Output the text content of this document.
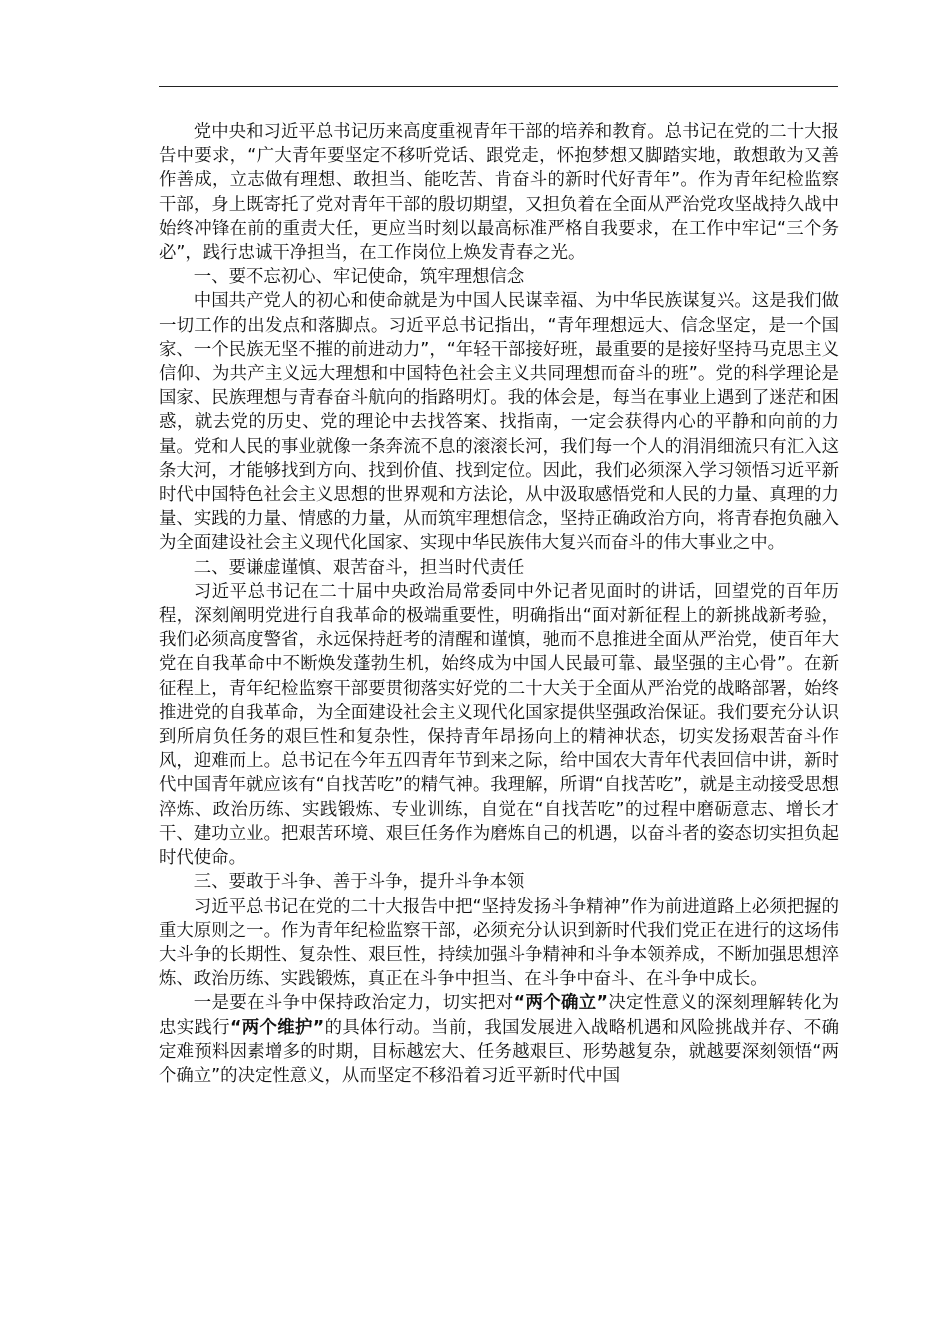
党中央和习近平总书记历来高度重视青年干部的培养和教育。总书记在党的二十大报告中要求，“广大青年要坚定不移听党话、跟党走，怀抱梦想又脚踏实地，敢想敢为又善作善成，立志做有理想、敢担当、能吃苦、肯奋斗的新时代好青年”。作为青年纪检监察干部，身上既寄托了党对青年干部的殷切期望，又担负着在全面从严治党攻坚战持久战中始终冲锋在前的重责大任，更应当时刻以最高标准严格自我要求，在工作中牢记“三个务必”，践行忠诚干净担当，在工作岗位上焕发青春之光。

一、要不忘初心、牢记使命，筑牢理想信念

中国共产党人的初心和使命就是为中国人民谋幸福、为中华民族谋复兴。这是我们做一切工作的出发点和落脚点。习近平总书记指出，“青年理想远大、信念坚定，是一个国家、一个民族无坚不摧的前进动力”，“年轻干部接好班，最重要的是接好坚持马克思主义信仰、为共产主义远大理想和中国特色社会主义共同理想而奋斗的班”。党的科学理论是国家、民族理想与青春奋斗航向的指路明灯。我的体会是，每当在事业上遇到了迷茫和困惑，就去党的历史、党的理论中去找答案、找指南，一定会获得内心的平静和向前的力量。党和人民的事业就像一条奔流不息的滚滚长河，我们每一个人的涓涓细流只有汇入这条大河，才能够找到方向、找到价值、找到定位。因此，我们必须深入学习领悟习近平新时代中国特色社会主义思想的世界观和方法论，从中汲取感悟党和人民的力量、真理的力量、实践的力量、情感的力量，从而筑牢理想信念，坚持正确政治方向，将青春抱负融入为全面建设社会主义现代化国家、实现中华民族伟大复兴而奋斗的伟大事业之中。

二、要谦虚谨慎、艰苦奋斗，担当时代责任

习近平总书记在二十届中央政治局常委同中外记者见面时的讲话，回望党的百年历程，深刻阐明党进行自我革命的极端重要性，明确指出“面对新征程上的新挑战新考验，我们必须高度警省，永远保持赶考的清醒和谨慎，驰而不息推进全面从严治党，使百年大党在自我革命中不断焕发蓬勃生机，始终成为中国人民最可靠、最坚强的主心骨”。在新征程上，青年纪检监察干部要贯彻落实好党的二十大关于全面从严治党的战略部署，始终推进党的自我革命，为全面建设社会主义现代化国家提供坚强政治保证。我们要充分认识到所肩负任务的艰巨性和复杂性，保持青年昂扬向上的精神状态，切实发扬艰苦奋斗作风，迎难而上。总书记在今年五四青年节到来之际，给中国农大青年代表回信中讲，新时代中国青年就应该有“自找苦吃”的精气神。我理解，所谓“自找苦吃”，就是主动接受思想淬炼、政治历练、实践锻炼、专业训练，自觉在“自找苦吃”的过程中磨砺意志、增长才干、建功立业。把艰苦环境、艰巨任务作为磨炼自己的机遇，以奋斗者的姿态切实担负起时代使命。

三、要敢于斗争、善于斗争，提升斗争本领

习近平总书记在党的二十大报告中把“坚持发扬斗争精神”作为前进道路上必须把握的重大原则之一。作为青年纪检监察干部，必须充分认识到新时代我们党正在进行的这场伟大斗争的长期性、复杂性、艰巨性，持续加强斗争精神和斗争本领养成，不断加强思想淬炼、政治历练、实践锻炼，真正在斗争中担当、在斗争中奋斗、在斗争中成长。

一是要在斗争中保持政治定力，切实把对“两个确立”决定性意义的深刻理解转化为忠实践行“两个维护”的具体行动。当前，我国发展进入战略机遇和风险挑战并存、不确定难预料因素增多的时期，目标越宏大、任务越艰巨、形势越复杂，就越要深刻领悟“两个确立”的决定性意义，从而坚定不移沿着习近平新时代中国
